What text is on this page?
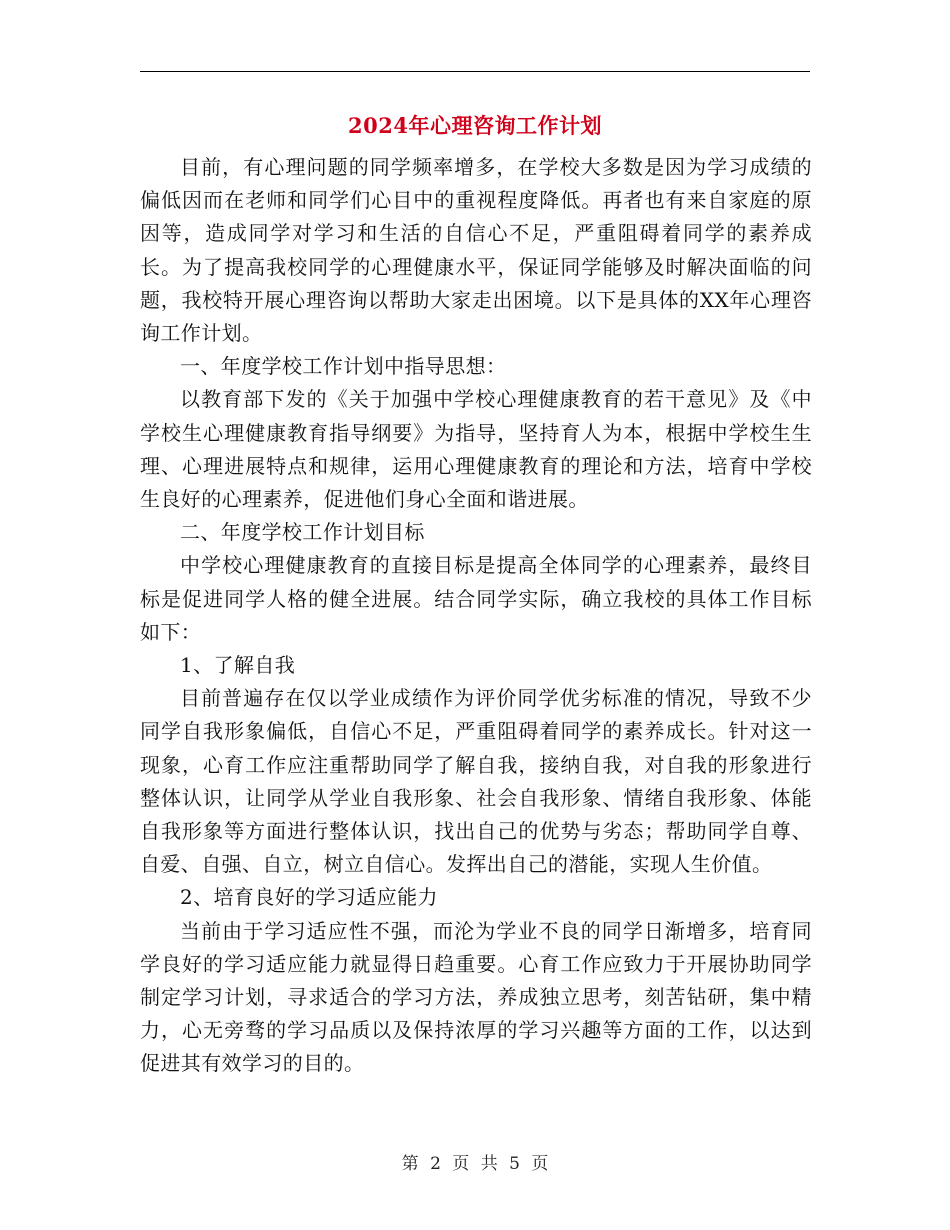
2024年心理咨询工作计划

目前，有心理问题的同学频率增多，在学校大多数是因为学习成绩的偏低因而在老师和同学们心目中的重视程度降低。再者也有来自家庭的原因等，造成同学对学习和生活的自信心不足，严重阻碍着同学的素养成长。为了提高我校同学的心理健康水平，保证同学能够及时解决面临的问题，我校特开展心理咨询以帮助大家走出困境。以下是具体的XX年心理咨询工作计划。

一、年度学校工作计划中指导思想：

以教育部下发的《关于加强中学校心理健康教育的若干意见》及《中学校生心理健康教育指导纲要》为指导，坚持育人为本，根据中学校生生理、心理进展特点和规律，运用心理健康教育的理论和方法，培育中学校生良好的心理素养，促进他们身心全面和谐进展。

二、年度学校工作计划目标

中学校心理健康教育的直接目标是提高全体同学的心理素养，最终目标是促进同学人格的健全进展。结合同学实际，确立我校的具体工作目标如下：

1、了解自我

目前普遍存在仅以学业成绩作为评价同学优劣标准的情况，导致不少同学自我形象偏低，自信心不足，严重阻碍着同学的素养成长。针对这一现象，心育工作应注重帮助同学了解自我，接纳自我，对自我的形象进行整体认识，让同学从学业自我形象、社会自我形象、情绪自我形象、体能自我形象等方面进行整体认识，找出自己的优势与劣态；帮助同学自尊、自爱、自强、自立，树立自信心。发挥出自己的潜能，实现人生价值。

2、培育良好的学习适应能力

当前由于学习适应性不强，而沦为学业不良的同学日渐增多，培育同学良好的学习适应能力就显得日趋重要。心育工作应致力于开展协助同学制定学习计划，寻求适合的学习方法，养成独立思考，刻苦钻研，集中精力，心无旁骛的学习品质以及保持浓厚的学习兴趣等方面的工作，以达到促进其有效学习的目的。

第 2 页 共 5 页
